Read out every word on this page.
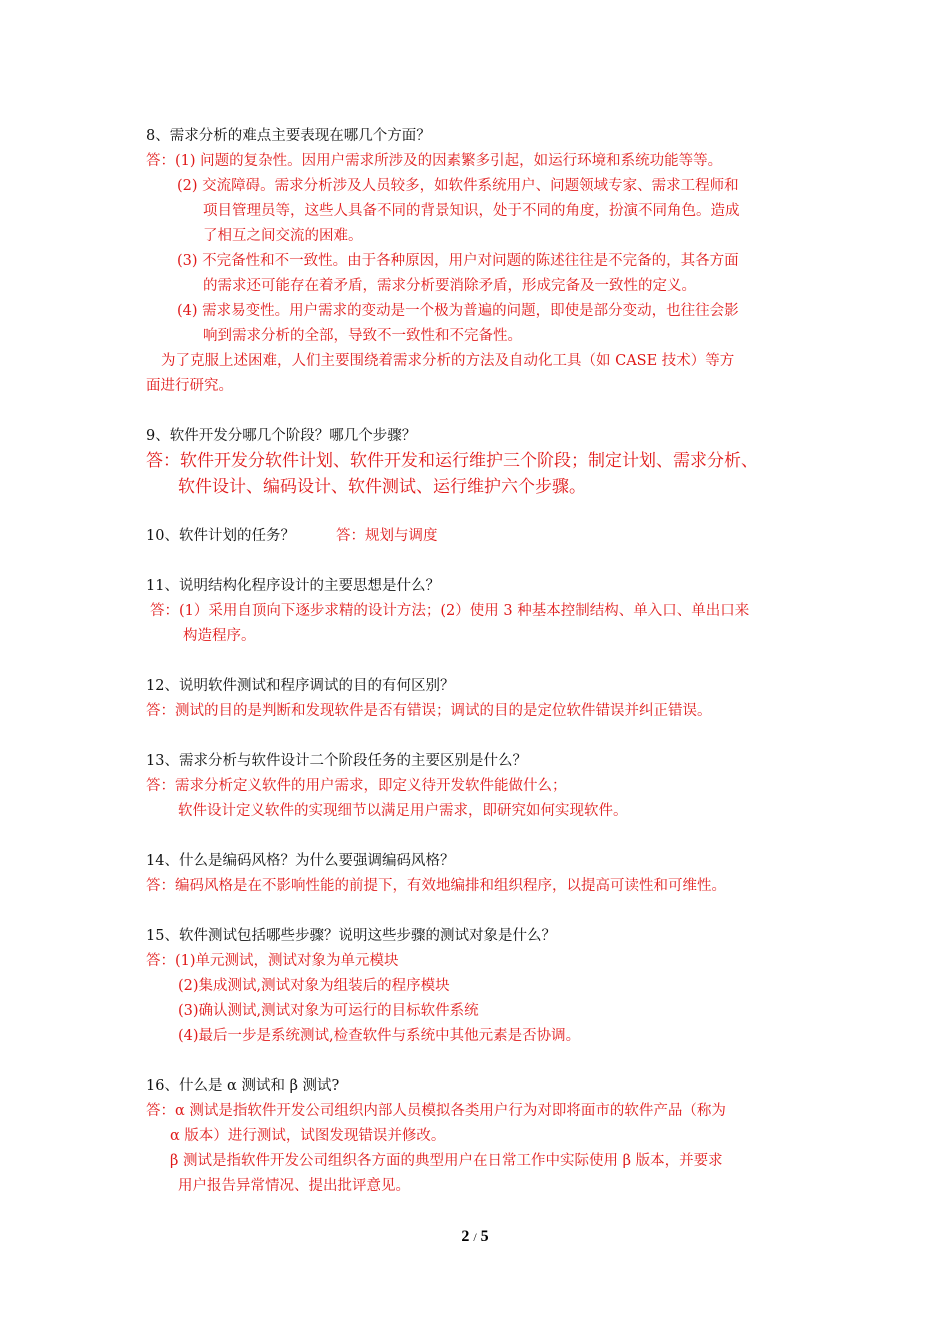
8、需求分析的难点主要表现在哪几个方面？
答：(1) 问题的复杂性。因用户需求所涉及的因素繁多引起，如运行环境和系统功能等等。
(2) 交流障碍。需求分析涉及人员较多，如软件系统用户、问题领域专家、需求工程师和
项目管理员等，这些人具备不同的背景知识，处于不同的角度，扮演不同角色。造成
了相互之间交流的困难。
(3) 不完备性和不一致性。由于各种原因，用户对问题的陈述往往是不完备的，其各方面
的需求还可能存在着矛盾，需求分析要消除矛盾，形成完备及一致性的定义。
(4) 需求易变性。用户需求的变动是一个极为普遍的问题，即使是部分变动，也往往会影
响到需求分析的全部，导致不一致性和不完备性。
为了克服上述困难，人们主要围绕着需求分析的方法及自动化工具（如 CASE 技术）等方
面进行研究。
9、软件开发分哪几个阶段？哪几个步骤？
答：软件开发分软件计划、软件开发和运行维护三个阶段；制定计划、需求分析、
软件设计、编码设计、软件测试、运行维护六个步骤。
10、软件计划的任务？	答：规划与调度
11、说明结构化程序设计的主要思想是什么？
答：(1）采用自顶向下逐步求精的设计方法；(2）使用 3 种基本控制结构、单入口、单出口来
构造程序。
12、说明软件测试和程序调试的目的有何区别？
答：测试的目的是判断和发现软件是否有错误；调试的目的是定位软件错误并纠正错误。
13、需求分析与软件设计二个阶段任务的主要区别是什么？
答：需求分析定义软件的用户需求，即定义待开发软件能做什么；
软件设计定义软件的实现细节以满足用户需求，即研究如何实现软件。
14、什么是编码风格？为什么要强调编码风格？
答：编码风格是在不影响性能的前提下，有效地编排和组织程序，以提高可读性和可维性。
15、软件测试包括哪些步骤？说明这些步骤的测试对象是什么？
答：(1)单元测试，测试对象为单元模块
(2)集成测试,测试对象为组装后的程序模块
(3)确认测试,测试对象为可运行的目标软件系统
(4)最后一步是系统测试,检查软件与系统中其他元素是否协调。
16、什么是 α 测试和 β 测试?
答：α 测试是指软件开发公司组织内部人员模拟各类用户行为对即将面市的软件产品（称为
α 版本）进行测试，试图发现错误并修改。
β 测试是指软件开发公司组织各方面的典型用户在日常工作中实际使用 β 版本，并要求
用户报告异常情况、提出批评意见。
2 / 5
